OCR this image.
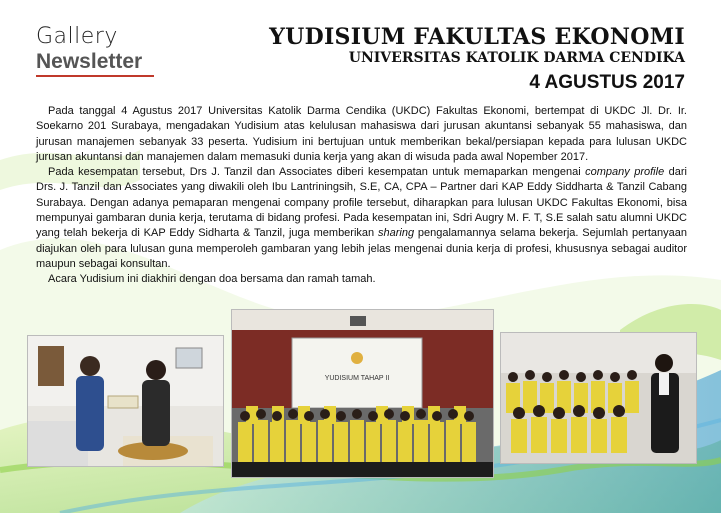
Gallery
Newsletter
YUDISIUM FAKULTAS EKONOMI
UNIVERSITAS KATOLIK DARMA CENDIKA
4 AGUSTUS 2017

Pada tanggal 4 Agustus 2017 Universitas Katolik Darma Cendika (UKDC) Fakultas Ekonomi, bertempat di UKDC Jl. Dr. Ir. Soekarno 201 Surabaya, mengadakan Yudisium atas kelulusan mahasiswa dari jurusan akuntansi sebanyak 55 mahasiswa, dan jurusan manajemen sebanyak 33 peserta. Yudisium ini bertujuan untuk memberikan bekal/persiapan kepada para lulusan UKDC jurusan akuntansi dan manajemen dalam memasuki dunia kerja yang akan di wisuda pada awal Nopember 2017.

Pada kesempatan tersebut, Drs J. Tanzil dan Associates diberi kesempatan untuk memaparkan mengenai company profile dari Drs. J. Tanzil dan Associates yang diwakili oleh Ibu Lantriningsih, S.E, CA, CPA – Partner dari KAP Eddy Siddharta & Tanzil Cabang Surabaya. Dengan adanya pemaparan mengenai company profile tersebut, diharapkan para lulusan UKDC Fakultas Ekonomi, bisa mempunyai gambaran dunia kerja, terutama di bidang profesi. Pada kesempatan ini, Sdri Augry M. F. T, S.E salah satu alumni UKDC yang telah bekerja di KAP Eddy Sidharta & Tanzil, juga memberikan sharing pengalamannya selama bekerja. Sejumlah pertanyaan diajukan oleh para lulusan guna memperoleh gambaran yang lebih jelas mengenai dunia kerja di profesi, khususnya sebagai auditor maupun sebagai konsultan.

Acara Yudisium ini diakhiri dengan doa bersama dan ramah tamah.

YUDISIUM TAHAP II
